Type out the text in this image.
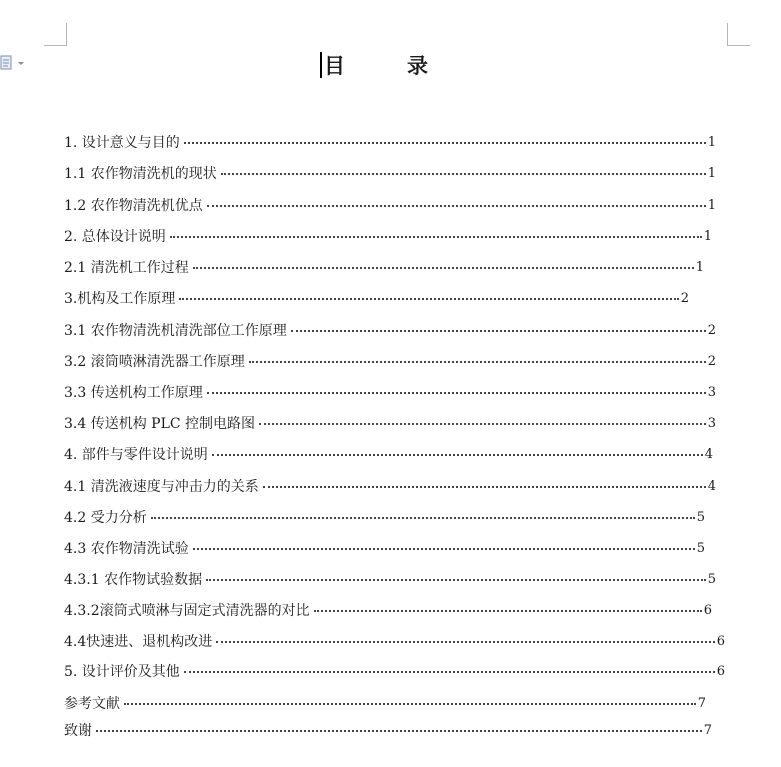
目	录
1. 设计意义与目的	1
1.1 农作物清洗机的现状	1
1.2 农作物清洗机优点	1
2. 总体设计说明	1
2.1 清洗机工作过程	1
3.机构及工作原理	2
3.1 农作物清洗机清洗部位工作原理	2
3.2 滚筒喷淋清洗器工作原理	2
3.3 传送机构工作原理	3
3.4 传送机构 PLC 控制电路图	3
4. 部件与零件设计说明	4
4.1 清洗液速度与冲击力的关系	4
4.2 受力分析	5
4.3 农作物清洗试验	5
4.3.1 农作物试验数据	5
4.3.2滚筒式喷淋与固定式清洗器的对比	6
4.4快速进、退机构改进	6
5. 设计评价及其他	6
参考文献	7
致谢	7
